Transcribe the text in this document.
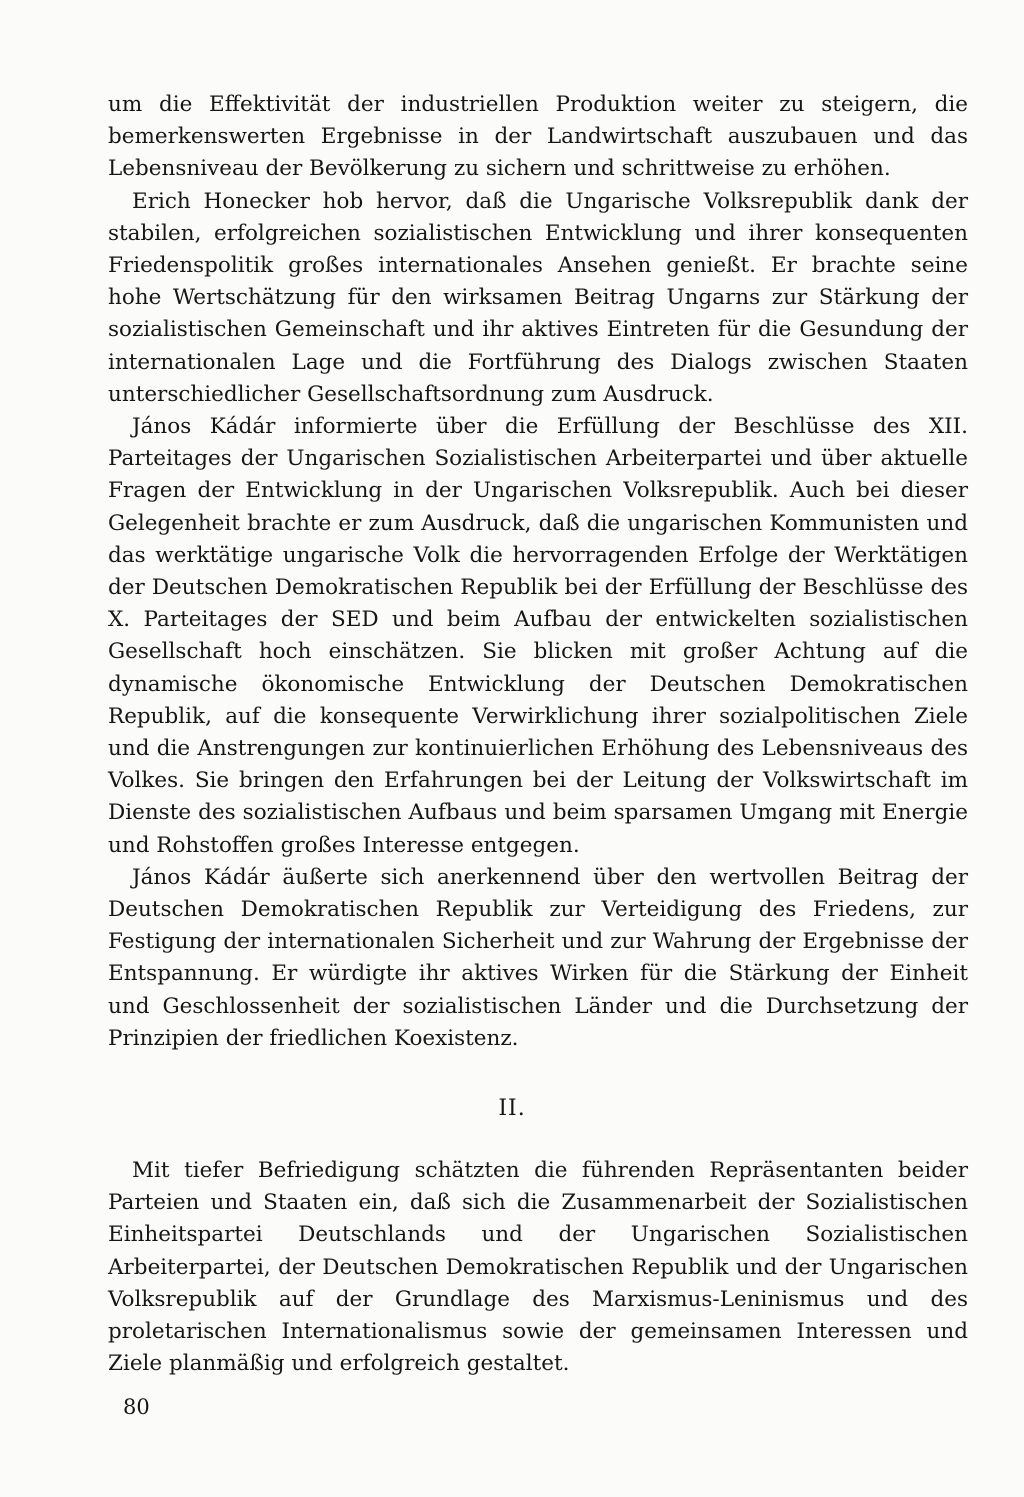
um die Effektivität der industriellen Produktion weiter zu steigern, die bemerkenswerten Ergebnisse in der Landwirtschaft auszubauen und das Lebensniveau der Bevölkerung zu sichern und schrittweise zu erhöhen.

Erich Honecker hob hervor, daß die Ungarische Volksrepublik dank der stabilen, erfolgreichen sozialistischen Entwicklung und ihrer konsequenten Friedenspolitik großes internationales Ansehen genießt. Er brachte seine hohe Wertschätzung für den wirksamen Beitrag Ungarns zur Stärkung der sozialistischen Gemeinschaft und ihr aktives Eintreten für die Gesundung der internationalen Lage und die Fortführung des Dialogs zwischen Staaten unterschiedlicher Gesellschaftsordnung zum Ausdruck.

János Kádár informierte über die Erfüllung der Beschlüsse des XII. Parteitages der Ungarischen Sozialistischen Arbeiterpartei und über aktuelle Fragen der Entwicklung in der Ungarischen Volksrepublik. Auch bei dieser Gelegenheit brachte er zum Ausdruck, daß die ungarischen Kommunisten und das werktätige ungarische Volk die hervorragenden Erfolge der Werktätigen der Deutschen Demokratischen Republik bei der Erfüllung der Beschlüsse des X. Parteitages der SED und beim Aufbau der entwickelten sozialistischen Gesellschaft hoch einschätzen. Sie blicken mit großer Achtung auf die dynamische ökonomische Entwicklung der Deutschen Demokratischen Republik, auf die konsequente Verwirklichung ihrer sozialpolitischen Ziele und die Anstrengungen zur kontinuierlichen Erhöhung des Lebensniveaus des Volkes. Sie bringen den Erfahrungen bei der Leitung der Volkswirtschaft im Dienste des sozialistischen Aufbaus und beim sparsamen Umgang mit Energie und Rohstoffen großes Interesse entgegen.

János Kádár äußerte sich anerkennend über den wertvollen Beitrag der Deutschen Demokratischen Republik zur Verteidigung des Friedens, zur Festigung der internationalen Sicherheit und zur Wahrung der Ergebnisse der Entspannung. Er würdigte ihr aktives Wirken für die Stärkung der Einheit und Geschlossenheit der sozialistischen Länder und die Durchsetzung der Prinzipien der friedlichen Koexistenz.

II.

Mit tiefer Befriedigung schätzten die führenden Repräsentanten beider Parteien und Staaten ein, daß sich die Zusammenarbeit der Sozialistischen Einheitspartei Deutschlands und der Ungarischen Sozialistischen Arbeiterpartei, der Deutschen Demokratischen Republik und der Ungarischen Volksrepublik auf der Grundlage des Marxismus-Leninismus und des proletarischen Internationalismus sowie der gemeinsamen Interessen und Ziele planmäßig und erfolgreich gestaltet.

80
